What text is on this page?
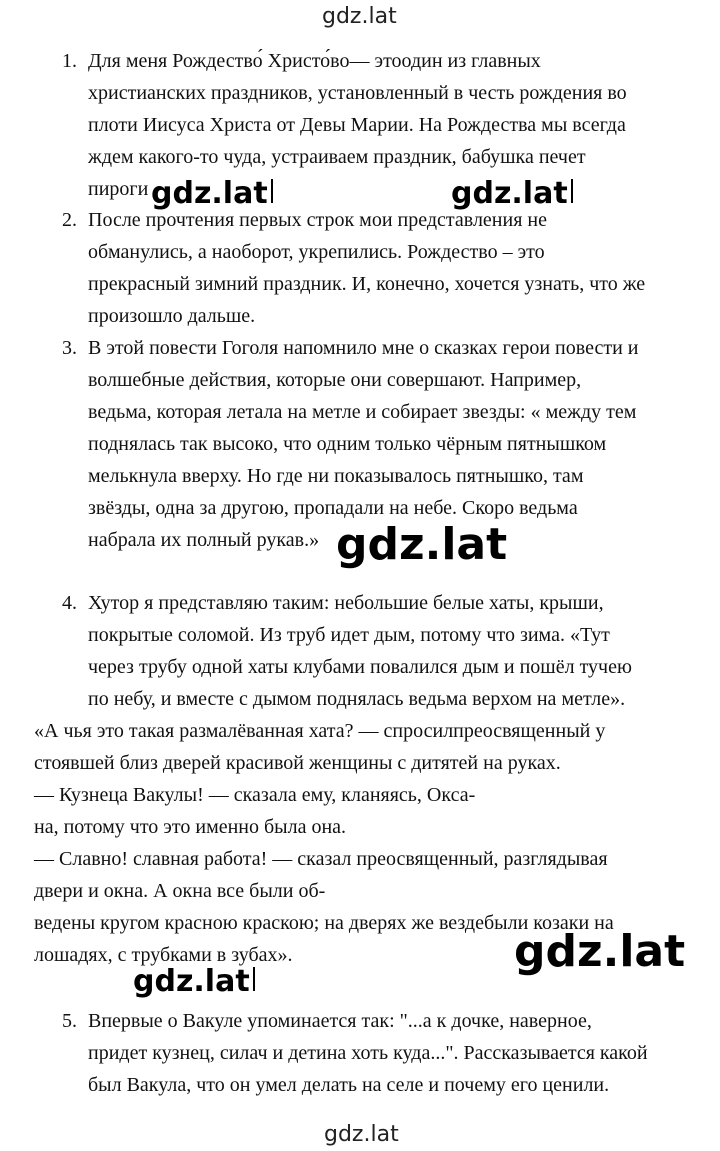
gdz.lat
1. Для меня Рождество́ Христо́во— этоодин из главных
христианских праздников, установленный в честь рождения во
плоти Иисуса Христа от Девы Марии. На Рождества мы всегда
ждем какого-то чуда, устраиваем праздник, бабушка печет
пироги gdz.lat	gdz.lat
2. После прочтения первых строк мои представления не
обманулись, а наоборот, укрепились. Рождество – это
прекрасный зимний праздник. И, конечно, хочется узнать, что же
произошло дальше.
3. В этой повести Гоголя напомнило мне о сказках герои повести и
волшебные действия, которые они совершают. Например,
ведьма, которая летала на метле и собирает звезды: « между тем
поднялась так высоко, что одним только чёрным пятнышком
мелькнула вверху. Но где ни показывалось пятнышко, там
звёзды, одна за другою, пропадали на небе. Скоро ведьма
набрала их полный рукав.» gdz.lat
4. Хутор я представляю таким: небольшие белые хаты, крыши,
покрытые соломой. Из труб идет дым, потому что зима. «Тут
через трубу одной хаты клубами повалился дым и пошёл тучею
по небу, и вместе с дымом поднялась ведьма верхом на метле».
«А чья это такая размалёванная хата? — спросилпреосвященный у
стоявшей близ дверей красивой женщины с дитятей на руках.
— Кузнеца Вакулы! — сказала ему, кланяясь, Окса-
на, потому что это именно была она.
— Славно! славная работа! — сказал преосвященный, разглядывая
двери и окна. А окна все были об-
ведены кругом красною краскою; на дверях же вездебыли козаки на
лошадях, с трубками в зубах».	gdz.lat
gdz.lat
5. Впервые о Вакуле упоминается так: "...а к дочке, наверное,
придет кузнец, силач и детина хоть куда...". Рассказывается какой
был Вакула, что он умел делать на селе и почему его ценили.
gdz.lat
